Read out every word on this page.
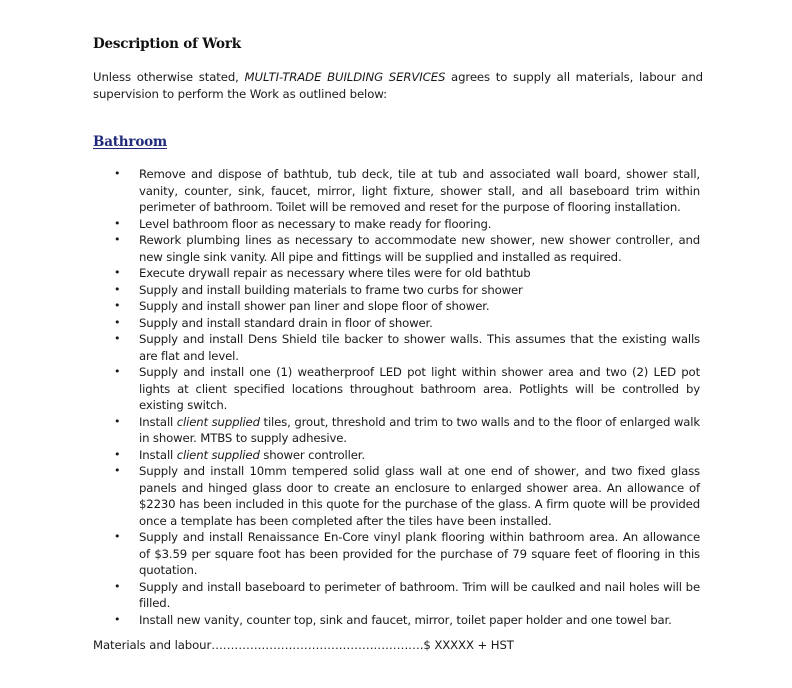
Description of Work
Unless otherwise stated, MULTI-TRADE BUILDING SERVICES agrees to supply all materials, labour and supervision to perform the Work as outlined below:
Bathroom
• Remove and dispose of bathtub, tub deck, tile at tub and associated wall board, shower stall, vanity, counter, sink, faucet, mirror, light fixture, shower stall, and all baseboard trim within perimeter of bathroom. Toilet will be removed and reset for the purpose of flooring installation.
• Level bathroom floor as necessary to make ready for flooring.
• Rework plumbing lines as necessary to accommodate new shower, new shower controller, and new single sink vanity. All pipe and fittings will be supplied and installed as required.
• Execute drywall repair as necessary where tiles were for old bathtub
• Supply and install building materials to frame two curbs for shower
• Supply and install shower pan liner and slope floor of shower.
• Supply and install standard drain in floor of shower.
• Supply and install Dens Shield tile backer to shower walls. This assumes that the existing walls are flat and level.
• Supply and install one (1) weatherproof LED pot light within shower area and two (2) LED pot lights at client specified locations throughout bathroom area. Potlights will be controlled by existing switch.
• Install client supplied tiles, grout, threshold and trim to two walls and to the floor of enlarged walk in shower. MTBS to supply adhesive.
• Install client supplied shower controller.
• Supply and install 10mm tempered solid glass wall at one end of shower, and two fixed glass panels and hinged glass door to create an enclosure to enlarged shower area. An allowance of $2230 has been included in this quote for the purchase of the glass. A firm quote will be provided once a template has been completed after the tiles have been installed.
• Supply and install Renaissance En-Core vinyl plank flooring within bathroom area. An allowance of $3.59 per square foot has been provided for the purchase of 79 square feet of flooring in this quotation.
• Supply and install baseboard to perimeter of bathroom. Trim will be caulked and nail holes will be filled.
• Install new vanity, counter top, sink and faucet, mirror, toilet paper holder and one towel bar.
Materials and labour……………………………………………….$ XXXXX + HST
